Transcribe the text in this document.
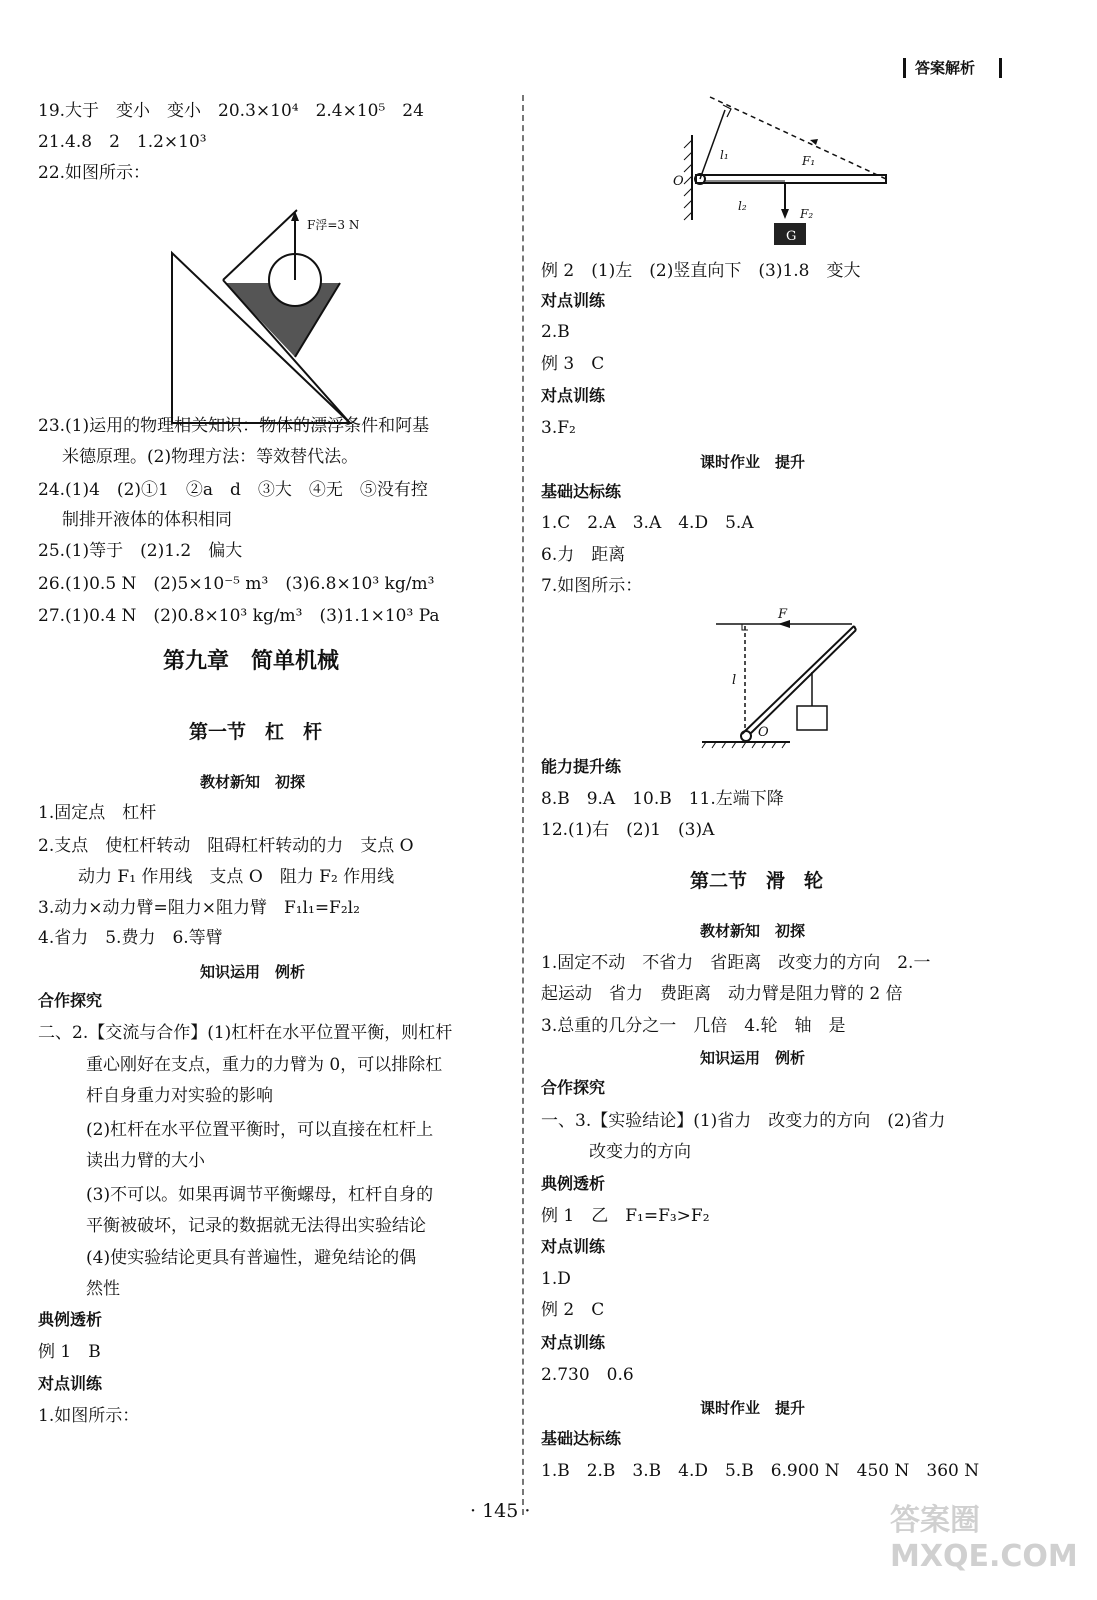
答案解析
19.大于　变小　变小　20.3×10⁴　2.4×10⁵　24
21.4.8　2　1.2×10³
22.如图所示：
F浮=3 N
23.(1)运用的物理相关知识：物体的漂浮条件和阿基
米德原理。(2)物理方法：等效替代法。
24.(1)4　(2)①1　②a　d　③大　④无　⑤没有控
制排开液体的体积相同
25.(1)等于　(2)1.2　偏大
26.(1)0.5 N　(2)5×10⁻⁵ m³　(3)6.8×10³ kg/m³
27.(1)0.4 N　(2)0.8×10³ kg/m³　(3)1.1×10³ Pa
第九章　简单机械
第一节　杠　杆
教材新知　初探
1.固定点　杠杆
2.支点　使杠杆转动　阻碍杠杆转动的力　支点 O
动力 F₁ 作用线　支点 O　阻力 F₂ 作用线
3.动力×动力臂=阻力×阻力臂　F₁l₁=F₂l₂
4.省力　5.费力　6.等臂
知识运用　例析
合作探究
二、2.【交流与合作】(1)杠杆在水平位置平衡，则杠杆
重心刚好在支点，重力的力臂为 0，可以排除杠
杆自身重力对实验的影响
(2)杠杆在水平位置平衡时，可以直接在杠杆上
读出力臂的大小
(3)不可以。如果再调节平衡螺母，杠杆自身的
平衡被破坏，记录的数据就无法得出实验结论
(4)使实验结论更具有普遍性，避免结论的偶
然性
典例透析
例 1　B
对点训练
1.如图所示：
l₁	F₁
O
l₂
F₂
G
例 2　(1)左　(2)竖直向下　(3)1.8　变大
对点训练
2.B
例 3　C
对点训练
3.F₂
课时作业　提升
基础达标练
1.C　2.A　3.A　4.D　5.A
6.力　距离
7.如图所示：
F
l
O
能力提升练
8.B　9.A　10.B　11.左端下降
12.(1)右　(2)1　(3)A
第二节　滑　轮
教材新知　初探
1.固定不动　不省力　省距离　改变力的方向　2.一
起运动　省力　费距离　动力臂是阻力臂的 2 倍
3.总重的几分之一　几倍　4.轮　轴　是
知识运用　例析
合作探究
一、3.【实验结论】(1)省力　改变力的方向　(2)省力
改变力的方向
典例透析
例 1　乙　F₁=F₃>F₂
对点训练
1.D
例 2　C
对点训练
2.730　0.6
课时作业　提升
基础达标练
1.B　2.B　3.B　4.D　5.B　6.900 N　450 N　360 N
· 145 ·	答案圈 MXQE.COM
